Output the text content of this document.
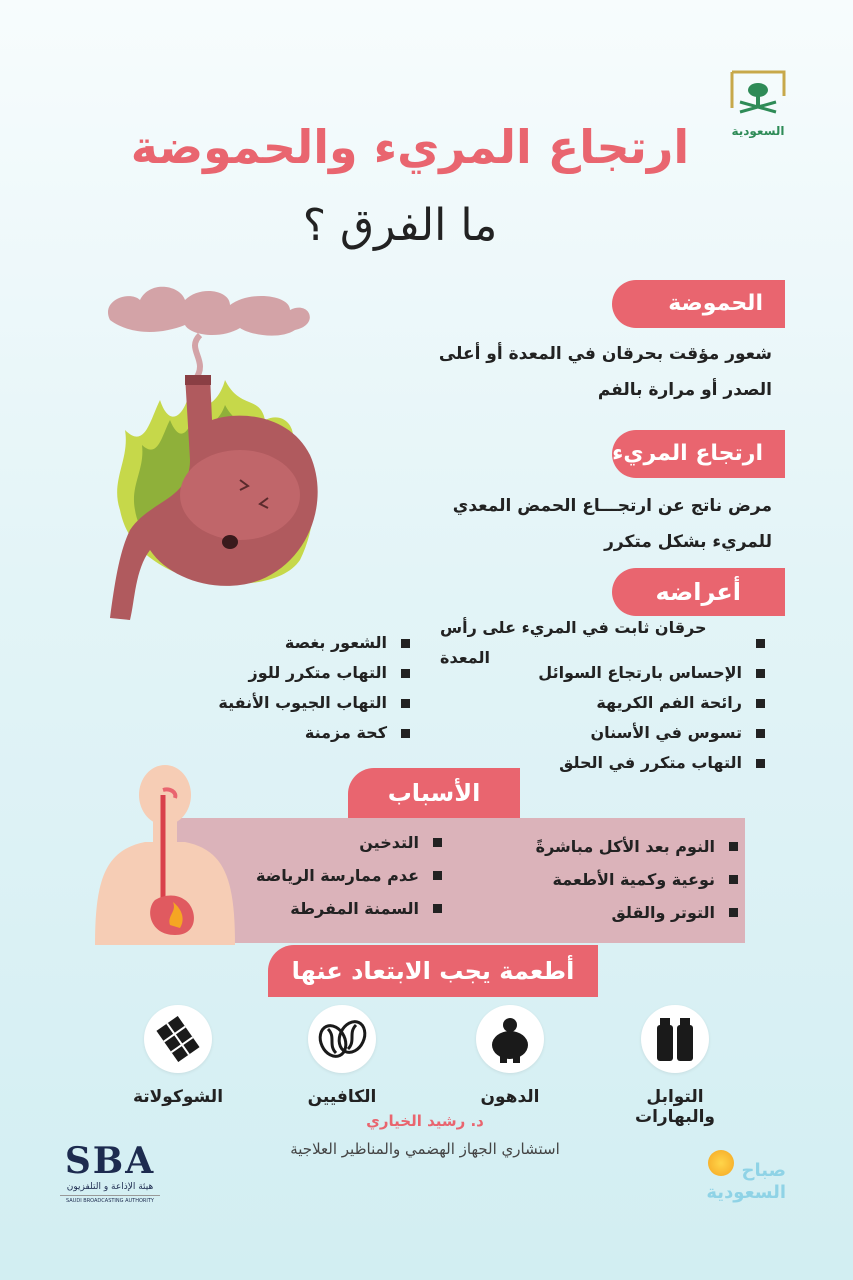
السعودية
ارتجاع المريء والحموضة
ما الفرق ؟
الحموضة
شعور مؤقت بحرقان في المعدة أو أعلى
الصدر أو مرارة بالفم
ارتجاع المريء
مرض ناتج عن ارتجـــاع الحمض المعدي
للمريء بشكل متكرر
أعراضه
حرقان ثابت في المريء على رأس المعدة
الإحساس بارتجاع السوائل
رائحة الفم الكريهة
تسوس في الأسنان
التهاب متكرر في الحلق
الشعور بغصة
التهاب متكرر للوز
التهاب الجيوب الأنفية
كحة مزمنة
الأسباب
النوم بعد الأكل مباشرةً
نوعية وكمية الأطعمة
التوتر والقلق
التدخين
عدم ممارسة الرياضة
السمنة المفرطة
أطعمة يجب الابتعاد عنها
التوابل والبهارات
الدهون
الكافيين
الشوكولاتة
د. رشيد الخياري
استشاري الجهاز الهضمي والمناظير العلاجية
SBA
هيئة الإذاعة و التلفزيون
SAUDI BROADCASTING AUTHORITY
صباح
السعودية
